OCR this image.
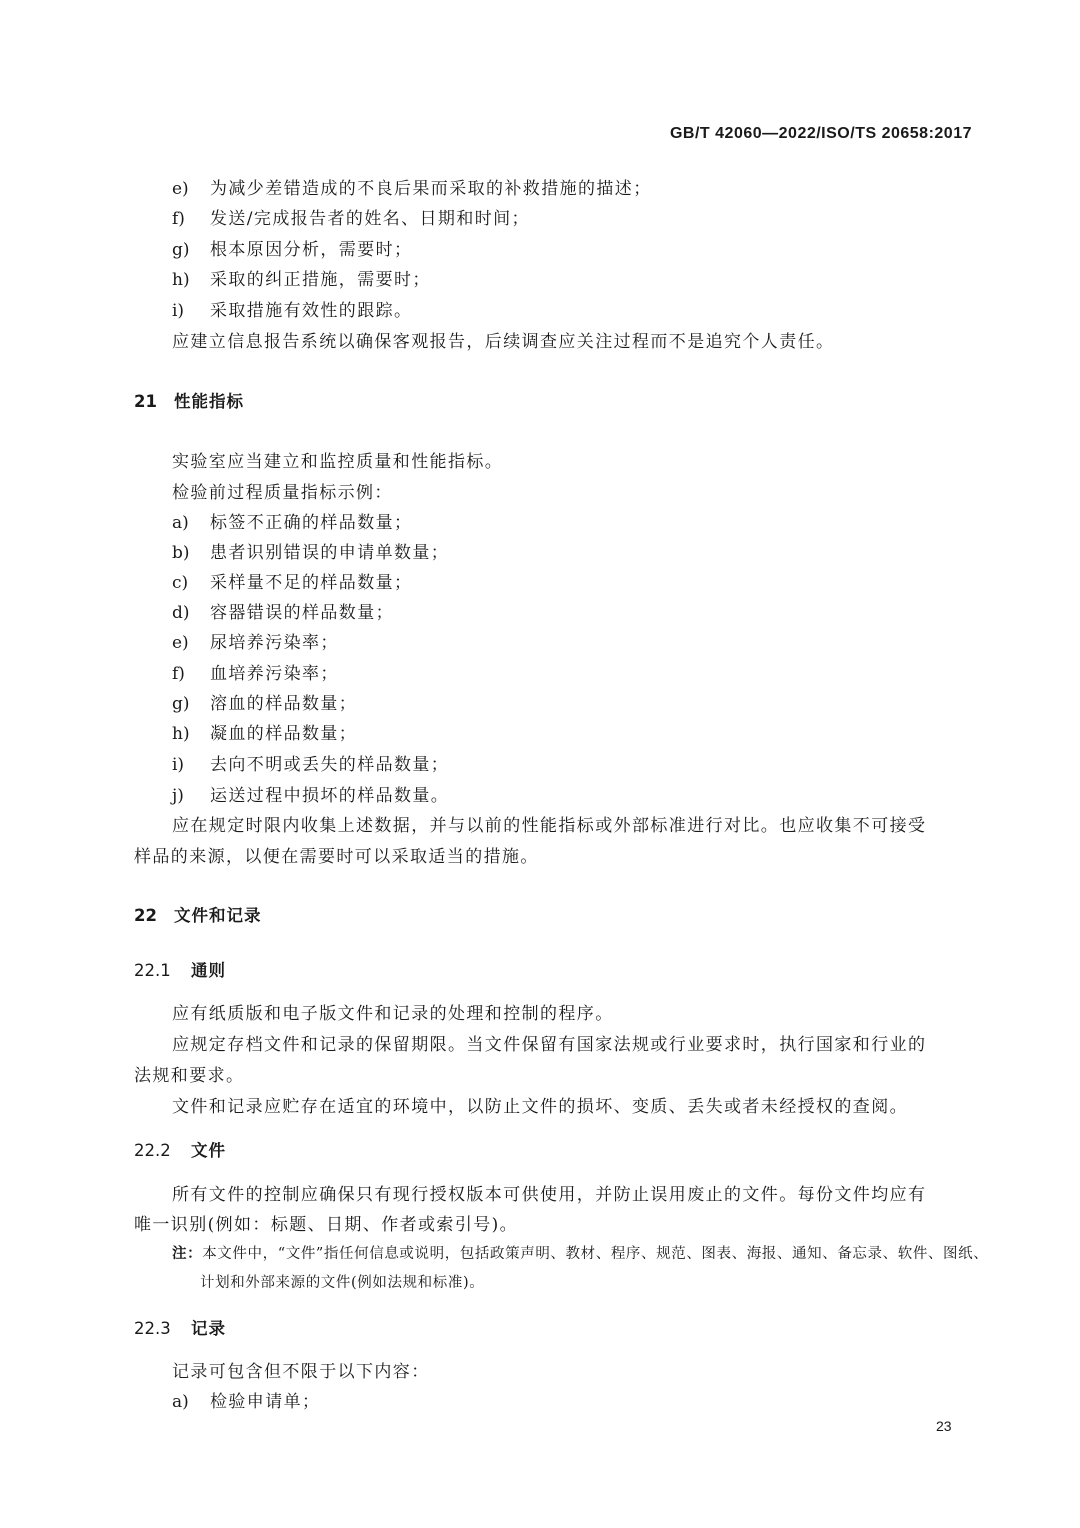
GB/T 42060—2022/ISO/TS 20658:2017
e) 为减少差错造成的不良后果而采取的补救措施的描述；
f) 发送/完成报告者的姓名、日期和时间；
g) 根本原因分析，需要时；
h) 采取的纠正措施，需要时；
i) 采取措施有效性的跟踪。
应建立信息报告系统以确保客观报告，后续调查应关注过程而不是追究个人责任。
21 性能指标
实验室应当建立和监控质量和性能指标。
检验前过程质量指标示例：
a) 标签不正确的样品数量；
b) 患者识别错误的申请单数量；
c) 采样量不足的样品数量；
d) 容器错误的样品数量；
e) 尿培养污染率；
f) 血培养污染率；
g) 溶血的样品数量；
h) 凝血的样品数量；
i) 去向不明或丢失的样品数量；
j) 运送过程中损坏的样品数量。
应在规定时限内收集上述数据，并与以前的性能指标或外部标准进行对比。也应收集不可接受
样品的来源，以便在需要时可以采取适当的措施。
22 文件和记录
22.1 通则
应有纸质版和电子版文件和记录的处理和控制的程序。
应规定存档文件和记录的保留期限。当文件保留有国家法规或行业要求时，执行国家和行业的
法规和要求。
文件和记录应贮存在适宜的环境中，以防止文件的损坏、变质、丢失或者未经授权的查阅。
22.2 文件
所有文件的控制应确保只有现行授权版本可供使用，并防止误用废止的文件。每份文件均应有
唯一识别(例如：标题、日期、作者或索引号)。
注：本文件中，“文件”指任何信息或说明，包括政策声明、教材、程序、规范、图表、海报、通知、备忘录、软件、图纸、
计划和外部来源的文件(例如法规和标准)。
22.3 记录
记录可包含但不限于以下内容：
a) 检验申请单；
23
